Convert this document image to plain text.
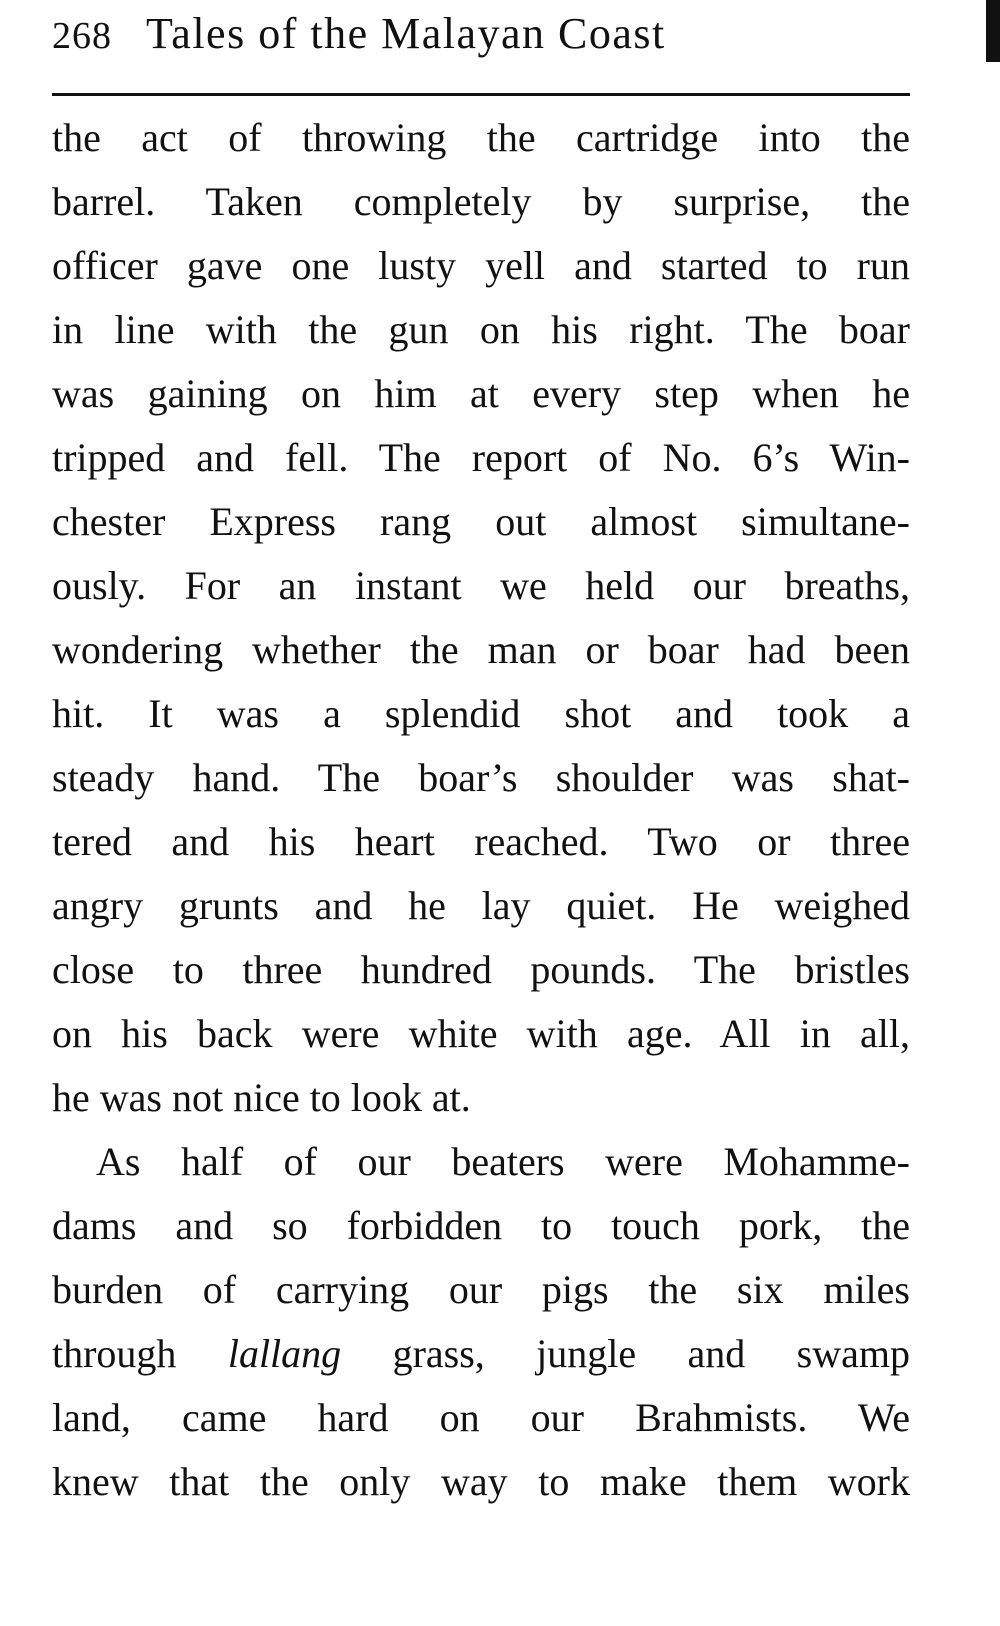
268 Tales of the Malayan Coast
the act of throwing the cartridge into the
barrel. Taken completely by surprise, the
officer gave one lusty yell and started to run
in line with the gun on his right. The boar
was gaining on him at every step when he
tripped and fell. The report of No. 6’s Win-
chester Express rang out almost simultane-
ously. For an instant we held our breaths,
wondering whether the man or boar had been
hit. It was a splendid shot and took a
steady hand. The boar’s shoulder was shat-
tered and his heart reached. Two or three
angry grunts and he lay quiet. He weighed
close to three hundred pounds. The bristles
on his back were white with age. All in all,
he was not nice to look at.
As half of our beaters were Mohamme-
dams and so forbidden to touch pork, the
burden of carrying our pigs the six miles
through lallang grass, jungle and swamp
land, came hard on our Brahmists. We
knew that the only way to make them work
